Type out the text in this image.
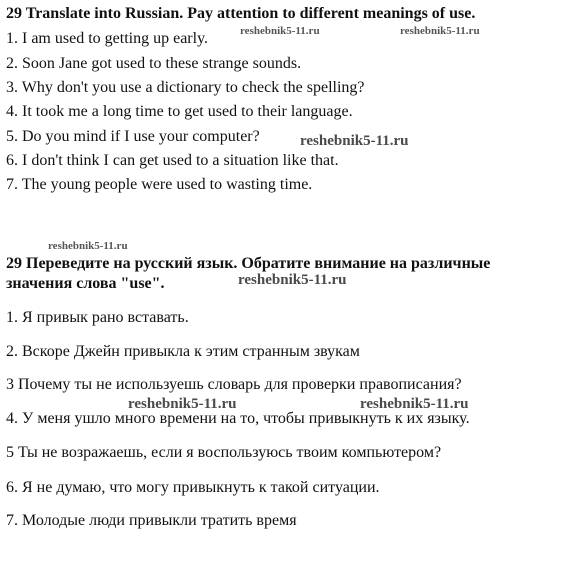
29 Translate into Russian. Pay attention to different meanings of use.
1. I am used to getting up early.
2. Soon Jane got used to these strange sounds.
3. Why don't you use a dictionary to check the spelling?
4. It took me a long time to get used to their language.
5. Do you mind if I use your computer?
6. I don't think I can get used to a situation like that.
7. The young people were used to wasting time.
29 Переведите на русский язык. Обратите внимание на различные
значения слова "use".
1. Я привык рано вставать.
2. Вскоре Джейн привыкла к этим странным звукам
3 Почему ты не используешь словарь для проверки правописания?
4. У меня ушло много времени на то, чтобы привыкнуть к их языку.
5 Ты не возражаешь, если я воспользуюсь твоим компьютером?
6. Я не думаю, что могу привыкнуть к такой ситуации.
7. Молодые люди привыкли тратить время
reshebnik5-11.ru	reshebnik5-11.ru
reshebnik5-11.ru
reshebnik5-11.ru
reshebnik5-11.ru
reshebnik5-11.ru	reshebnik5-11.ru
